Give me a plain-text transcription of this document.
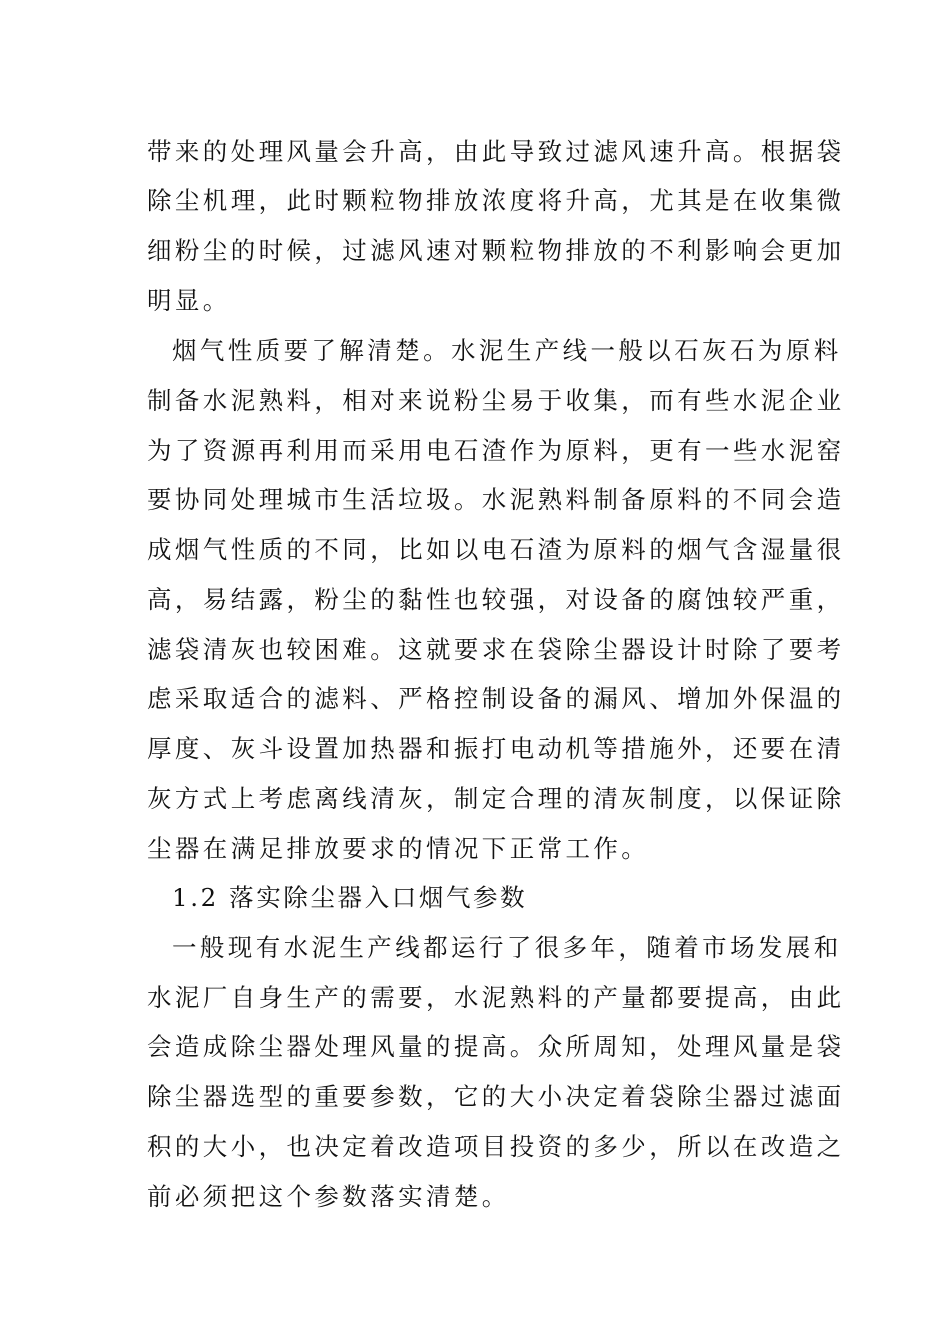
带来的处理风量会升高，由此导致过滤风速升高。根据袋
除尘机理，此时颗粒物排放浓度将升高，尤其是在收集微
细粉尘的时候，过滤风速对颗粒物排放的不利影响会更加
明显。
烟气性质要了解清楚。水泥生产线一般以石灰石为原料
制备水泥熟料，相对来说粉尘易于收集，而有些水泥企业
为了资源再利用而采用电石渣作为原料，更有一些水泥窑
要协同处理城市生活垃圾。水泥熟料制备原料的不同会造
成烟气性质的不同，比如以电石渣为原料的烟气含湿量很
高，易结露，粉尘的黏性也较强，对设备的腐蚀较严重，
滤袋清灰也较困难。这就要求在袋除尘器设计时除了要考
虑采取适合的滤料、严格控制设备的漏风、增加外保温的
厚度、灰斗设置加热器和振打电动机等措施外，还要在清
灰方式上考虑离线清灰，制定合理的清灰制度，以保证除
尘器在满足排放要求的情况下正常工作。
1.2 落实除尘器入口烟气参数
一般现有水泥生产线都运行了很多年，随着市场发展和
水泥厂自身生产的需要，水泥熟料的产量都要提高，由此
会造成除尘器处理风量的提高。众所周知，处理风量是袋
除尘器选型的重要参数，它的大小决定着袋除尘器过滤面
积的大小，也决定着改造项目投资的多少，所以在改造之
前必须把这个参数落实清楚。
